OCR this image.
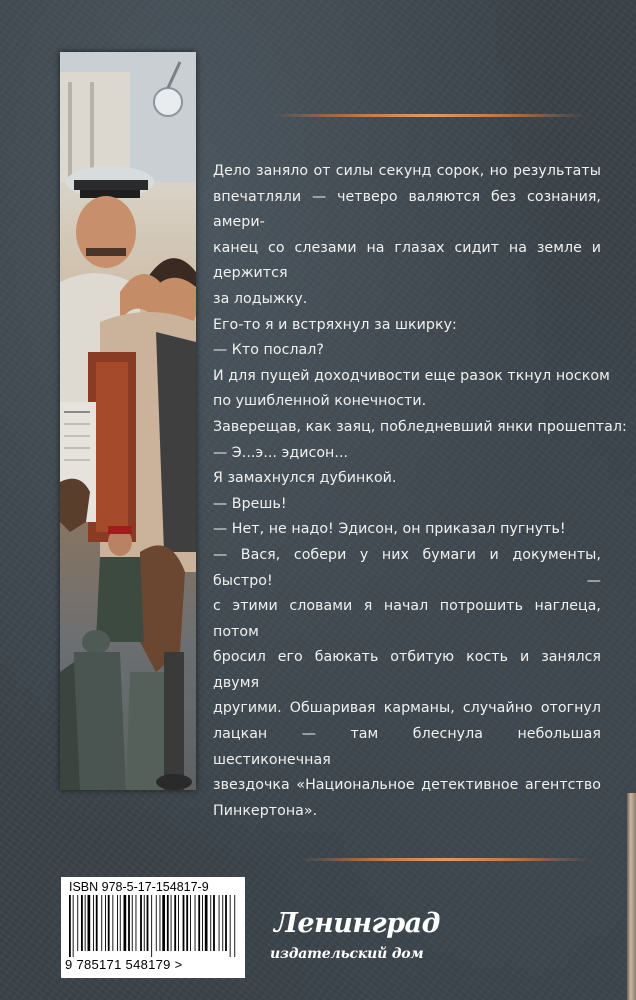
Дело заняло от силы секунд сорок, но результаты
впечатляли — четверо валяются без сознания, амери-
канец со слезами на глазах сидит на земле и держится
за лодыжку.
Его-то я и встряхнул за шкирку:
— Кто послал?
И для пущей доходчивости еще разок ткнул носком
по ушибленной конечности.
Заверещав, как заяц, побледневший янки прошептал:
— Э...э... эдисон...
Я замахнулся дубинкой.
— Врешь!
— Нет, не надо! Эдисон, он приказал пугнуть!
— Вася, собери у них бумаги и документы, быстро! —
с этими словами я начал потрошить наглеца, потом
бросил его баюкать отбитую кость и занялся двумя
другими. Обшаривая карманы, случайно отогнул
лацкан — там блеснула небольшая шестиконечная
звездочка «Национальное детективное агентство
Пинкертона».
ISBN 978-5-17-154817-9
9 785171 548179 >
Ленинград
издательский дом
